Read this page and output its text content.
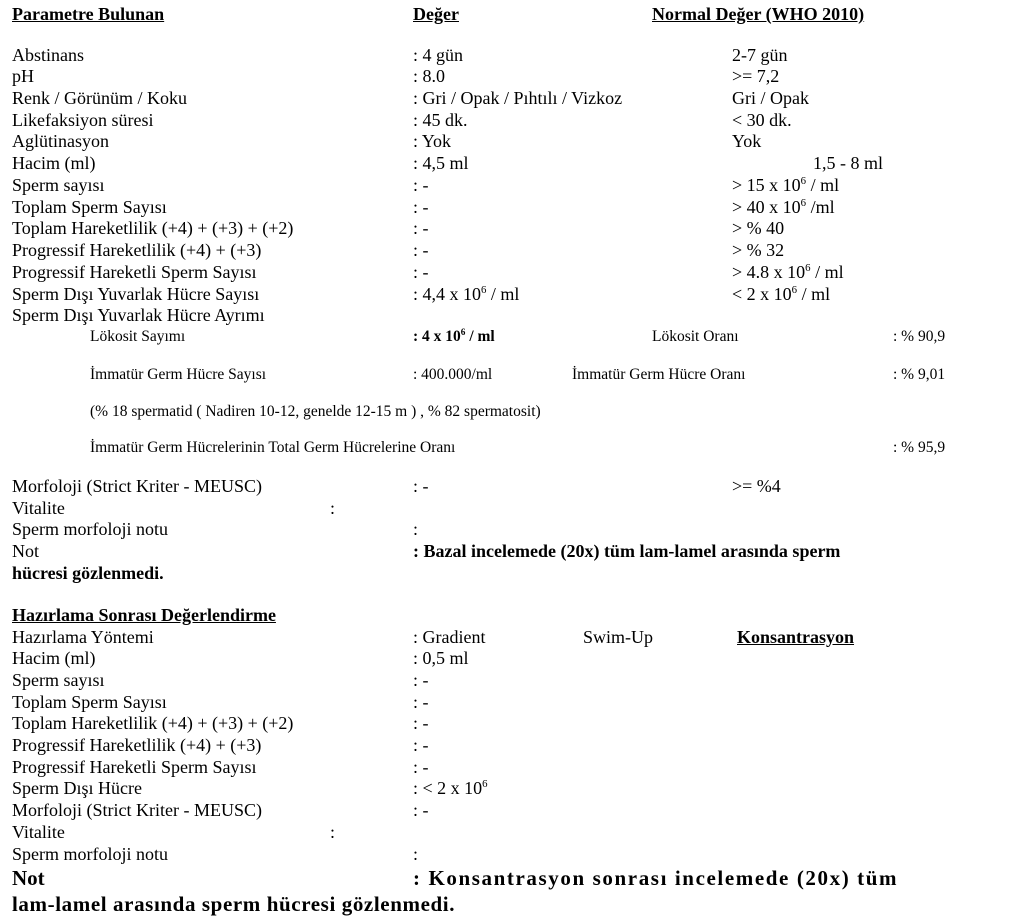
Parametre Bulunan	Değer	Normal Değer (WHO 2010)
Abstinans	: 4 gün	2-7 gün
pH	: 8.0	>= 7,2
Renk / Görünüm / Koku	: Gri / Opak / Pıhtılı / Vizkoz	Gri / Opak
Likefaksiyon süresi	: 45 dk.	< 30 dk.
Aglütinasyon	: Yok	Yok
Hacim (ml)	: 4,5 ml	1,5 - 8 ml
Sperm sayısı	: -	> 15 x $10^6$ / ml
Toplam Sperm Sayısı	: -	> 40 x $10^6$ /ml
Toplam Hareketlilik (+4) + (+3) + (+2)	: -	> % 40
Progressif Hareketlilik (+4) + (+3)	: -	> % 32
Progressif Hareketli Sperm Sayısı	: -	> 4.8 x $10^6$ / ml
Sperm Dışı Yuvarlak Hücre Sayısı	: 4,4 x $10^6$ / ml	< 2 x $10^6$ / ml
Sperm Dışı Yuvarlak Hücre Ayrımı
Lökosit Sayımı	: 4 x $10^6$ / ml	Lökosit Oranı	: % 90,9
İmmatür Germ Hücre Sayısı	: 400.000/ml	İmmatür Germ Hücre Oranı	: % 9,01
(% 18 spermatid ( Nadiren 10-12, genelde 12-15 m ) , % 82 spermatosit)
İmmatür Germ Hücrelerinin Total Germ Hücrelerine Oranı	: % 95,9
Morfoloji (Strict Kriter - MEUSC)	: -	>= %4
Vitalite	:
Sperm morfoloji notu	:
Not	: Bazal incelemede (20x) tüm lam-lamel arasında sperm
hücresi gözlenmedi.
Hazırlama Sonrası Değerlendirme
Hazırlama Yöntemi	: Gradient	Swim-Up	Konsantrasyon
Hacim (ml)	: 0,5 ml
Sperm sayısı	: -
Toplam Sperm Sayısı	: -
Toplam Hareketlilik (+4) + (+3) + (+2)	: -
Progressif Hareketlilik (+4) + (+3)	: -
Progressif Hareketli Sperm Sayısı	: -
Sperm Dışı Hücre	: < 2 x $10^6$
Morfoloji (Strict Kriter - MEUSC)	: -
Vitalite	:
Sperm morfoloji notu	:
Not	: Konsantrasyon sonrası incelemede (20x) tüm
lam-lamel arasında sperm hücresi gözlenmedi.
